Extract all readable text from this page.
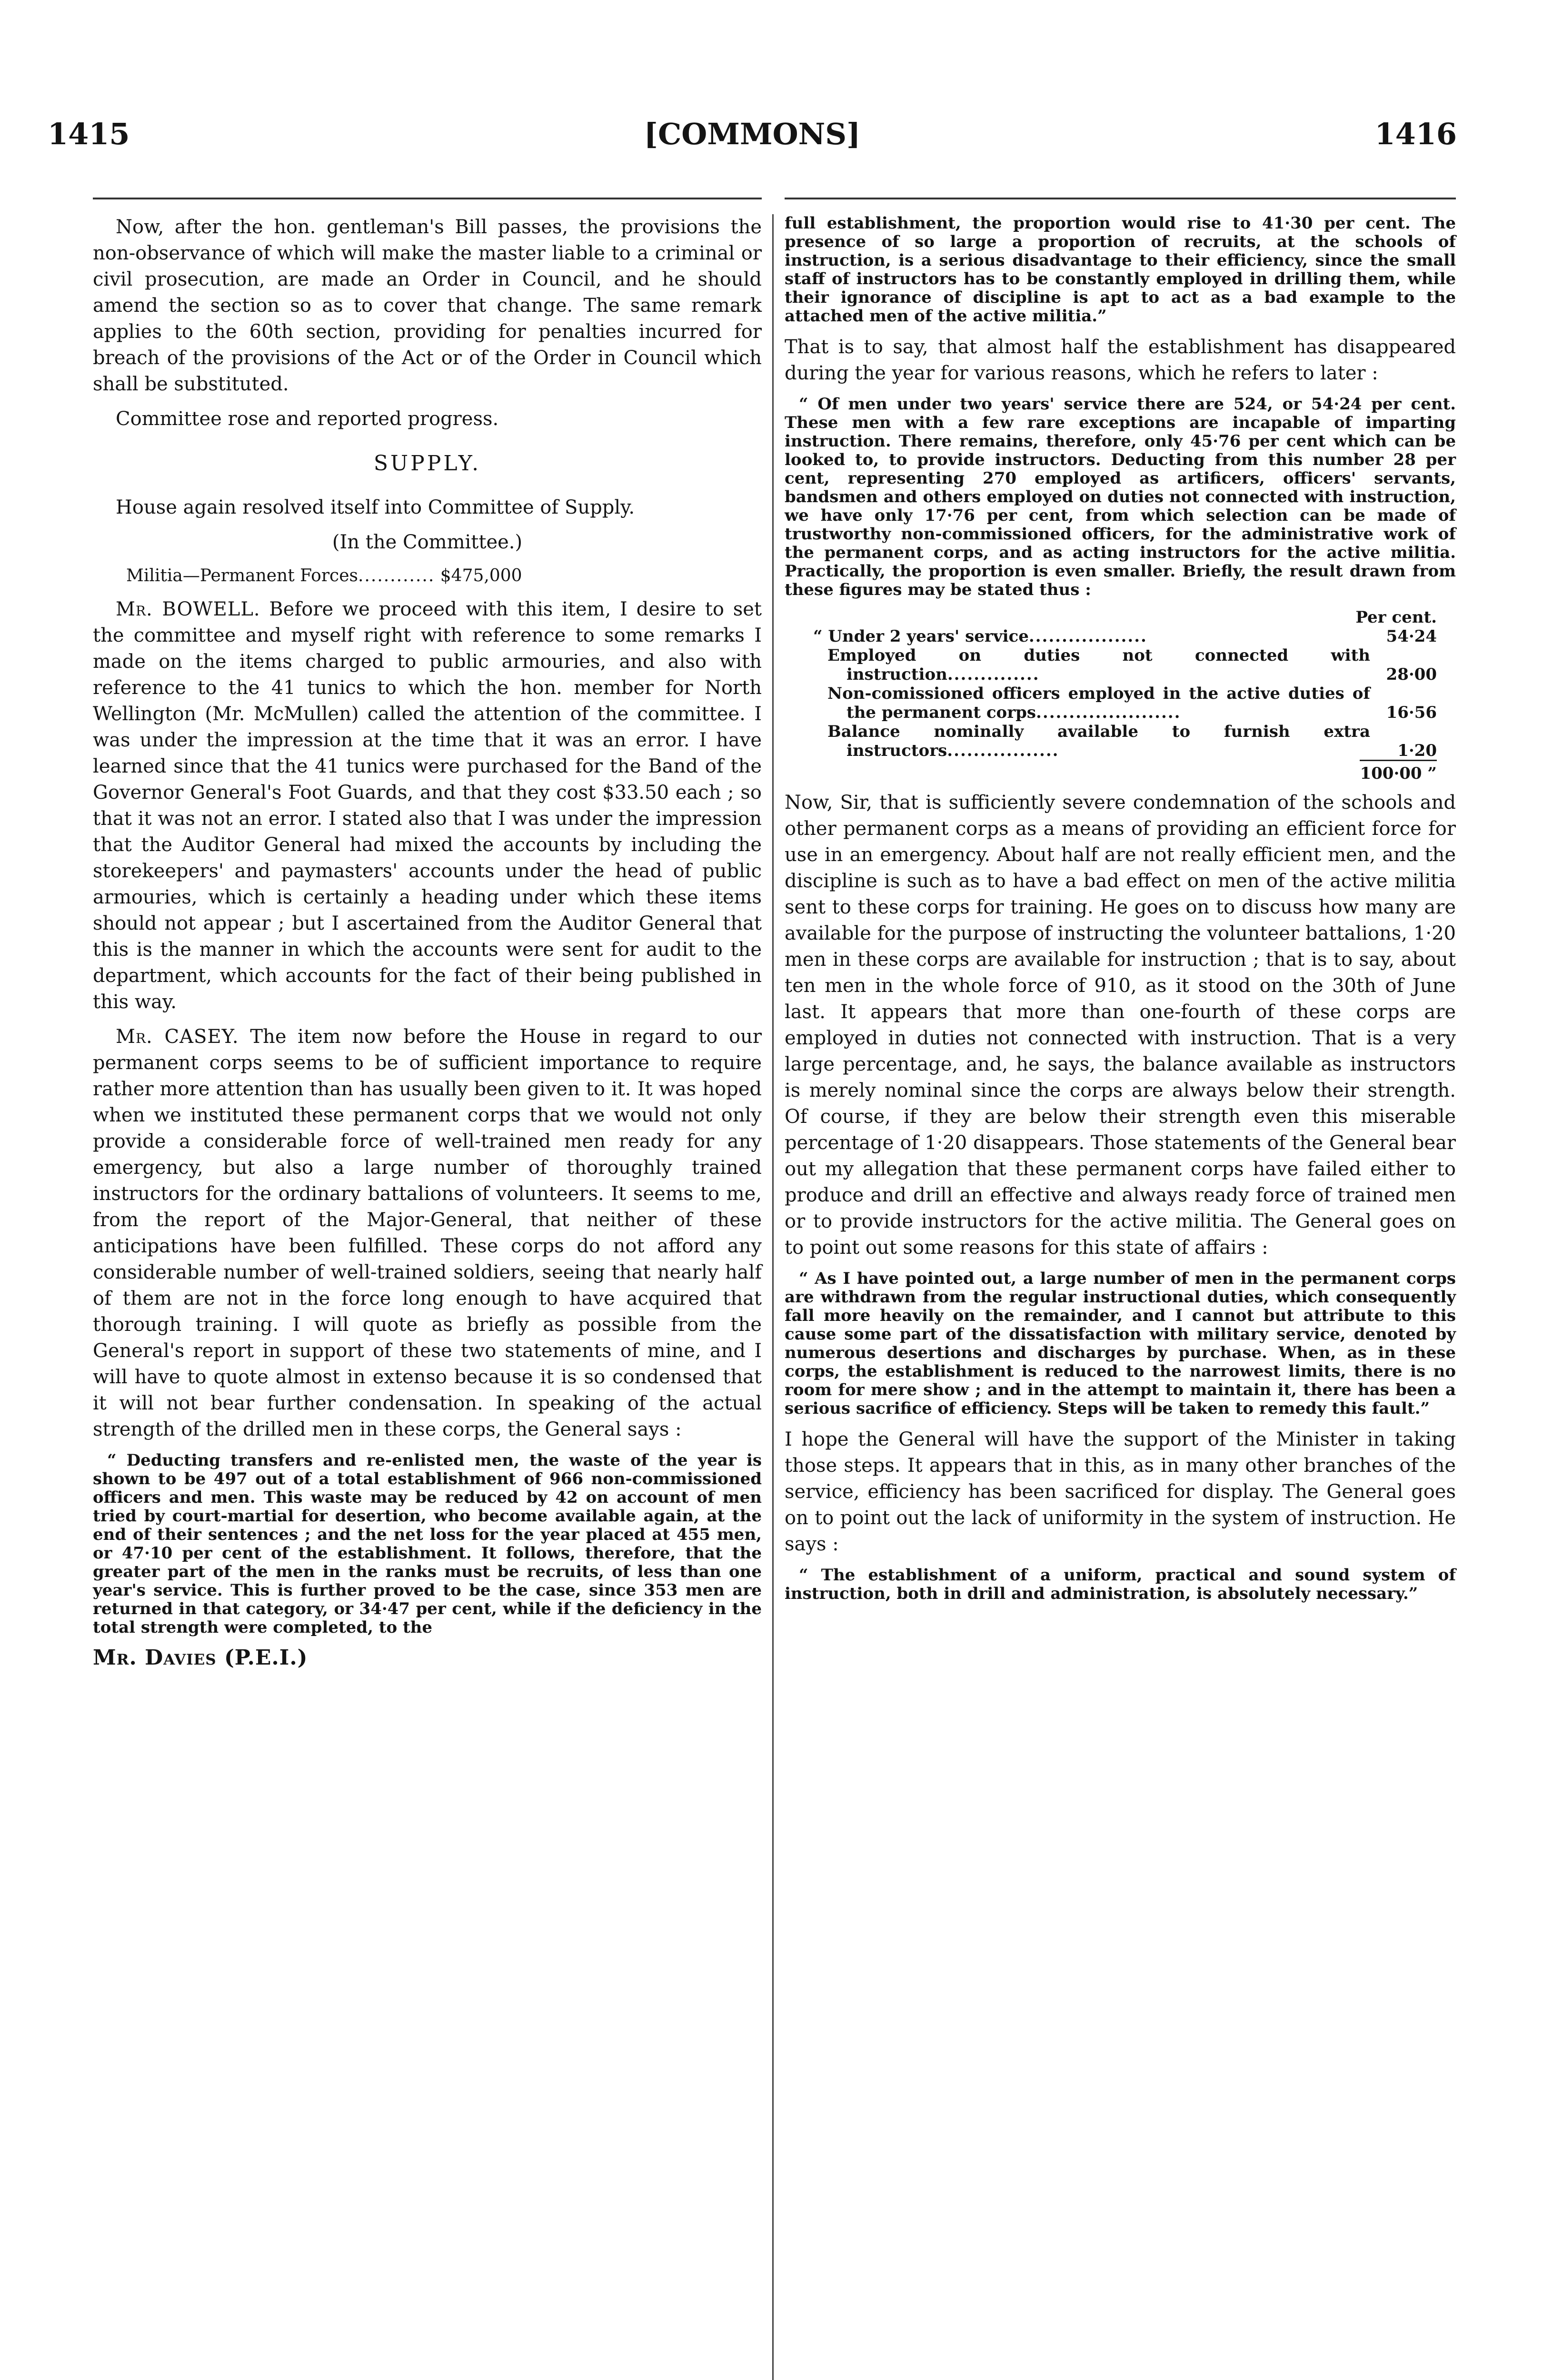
1415	[COMMONS]	1416

Now, after the hon. gentleman's Bill passes, the provisions the non-observance of which will make the master liable to a criminal or civil prosecution, are made an Order in Council, and he should amend the section so as to cover that change. The same remark applies to the 60th section, providing for penalties incurred for breach of the provisions of the Act or of the Order in Council which shall be substituted.

Committee rose and reported progress.

SUPPLY.

House again resolved itself into Committee of Supply.

(In the Committee.)

Militia—Permanent Forces............ $475,000

Mr. BOWELL. Before we proceed with this item, I desire to set the committee and myself right with reference to some remarks I made on the items charged to public armouries, and also with reference to the 41 tunics to which the hon. member for North Wellington (Mr. McMullen) called the attention of the committee. I was under the impression at the time that it was an error. I have learned since that the 41 tunics were purchased for the Band of the Governor General's Foot Guards, and that they cost $33.50 each ; so that it was not an error. I stated also that I was under the impression that the Auditor General had mixed the accounts by including the storekeepers' and paymasters' accounts under the head of public armouries, which is certainly a heading under which these items should not appear ; but I ascertained from the Auditor General that this is the manner in which the accounts were sent for audit to the department, which accounts for the fact of their being published in this way.

Mr. CASEY. The item now before the House in regard to our permanent corps seems to be of sufficient importance to require rather more attention than has usually been given to it. It was hoped when we instituted these permanent corps that we would not only provide a considerable force of well-trained men ready for any emergency, but also a large number of thoroughly trained instructors for the ordinary battalions of volunteers. It seems to me, from the report of the Major-General, that neither of these anticipations have been fulfilled. These corps do not afford any considerable number of well-trained soldiers, seeing that nearly half of them are not in the force long enough to have acquired that thorough training. I will quote as briefly as possible from the General's report in support of these two statements of mine, and I will have to quote almost in extenso because it is so condensed that it will not bear further condensation. In speaking of the actual strength of the drilled men in these corps, the General says :

“ Deducting transfers and re-enlisted men, the waste of the year is shown to be 497 out of a total establishment of 966 non-commissioned officers and men. This waste may be reduced by 42 on account of men tried by court-martial for desertion, who become available again, at the end of their sentences ; and the net loss for the year placed at 455 men, or 47·10 per cent of the establishment. It follows, therefore, that the greater part of the men in the ranks must be recruits, of less than one year's service. This is further proved to be the case, since 353 men are returned in that category, or 34·47 per cent, while if the deficiency in the total strength were completed, to the

Mr. Davies (P.E.I.)

full establishment, the proportion would rise to 41·30 per cent. The presence of so large a proportion of recruits, at the schools of instruction, is a serious disadvantage to their efficiency, since the small staff of instructors has to be constantly employed in drilling them, while their ignorance of discipline is apt to act as a bad example to the attached men of the active militia.”

That is to say, that almost half the establishment has disappeared during the year for various reasons, which he refers to later :

“ Of men under two years' service there are 524, or 54·24 per cent. These men with a few rare exceptions are incapable of imparting instruction. There remains, therefore, only 45·76 per cent which can be looked to, to provide instructors. Deducting from this number 28 per cent, representing 270 employed as artificers, officers' servants, bandsmen and others employed on duties not connected with instruction, we have only 17·76 per cent, from which selection can be made of trustworthy non-commissioned officers, for the administrative work of the permanent corps, and as acting instructors for the active militia. Practically, the proportion is even smaller. Briefly, the result drawn from these figures may be stated thus :

Per cent.
“ Under 2 years' service..................	54·24
Employed on duties not connected with instruction..............	28·00
Non-comissioned officers employed in the active duties of the permanent corps......................	16·56
Balance nominally available to furnish extra instructors.................	1·20
100·00 ”

Now, Sir, that is sufficiently severe condemnation of the schools and other permanent corps as a means of providing an efficient force for use in an emergency. About half are not really efficient men, and the discipline is such as to have a bad effect on men of the active militia sent to these corps for training. He goes on to discuss how many are available for the purpose of instructing the volunteer battalions, 1·20 men in these corps are available for instruction ; that is to say, about ten men in the whole force of 910, as it stood on the 30th of June last. It appears that more than one-fourth of these corps are employed in duties not connected with instruction. That is a very large percentage, and, he says, the balance available as instructors is merely nominal since the corps are always below their strength. Of course, if they are below their strength even this miserable percentage of 1·20 disappears. Those statements of the General bear out my allegation that these permanent corps have failed either to produce and drill an effective and always ready force of trained men or to provide instructors for the active militia. The General goes on to point out some reasons for this state of affairs :

“ As I have pointed out, a large number of men in the permanent corps are withdrawn from the regular instructional duties, which consequently fall more heavily on the remainder, and I cannot but attribute to this cause some part of the dissatisfaction with military service, denoted by numerous desertions and discharges by purchase. When, as in these corps, the establishment is reduced to the narrowest limits, there is no room for mere show ; and in the attempt to maintain it, there has been a serious sacrifice of efficiency. Steps will be taken to remedy this fault.”

I hope the General will have the support of the Minister in taking those steps. It appears that in this, as in many other branches of the service, efficiency has been sacrificed for display. The General goes on to point out the lack of uniformity in the system of instruction. He says :

“ The establishment of a uniform, practical and sound system of instruction, both in drill and administration, is absolutely necessary.”
